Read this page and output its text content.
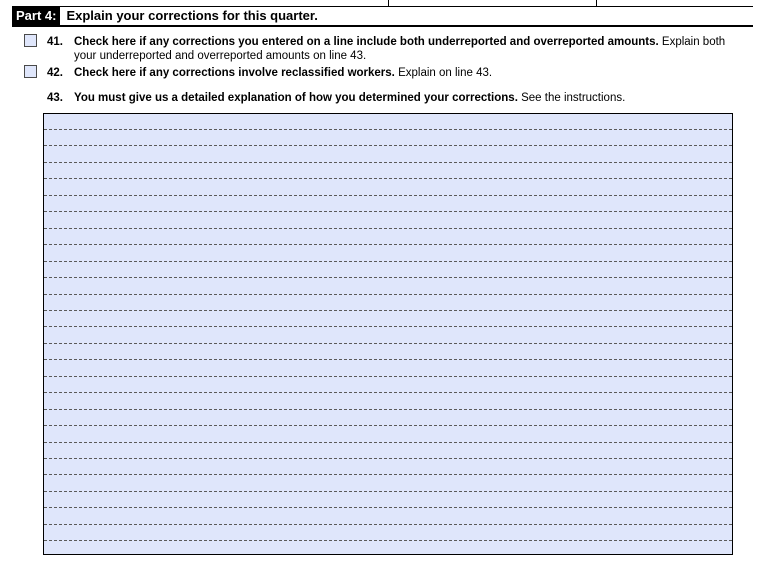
Part 4: Explain your corrections for this quarter.
41. Check here if any corrections you entered on a line include both underreported and overreported amounts. Explain both your underreported and overreported amounts on line 43.
42. Check here if any corrections involve reclassified workers. Explain on line 43.
43. You must give us a detailed explanation of how you determined your corrections. See the instructions.
